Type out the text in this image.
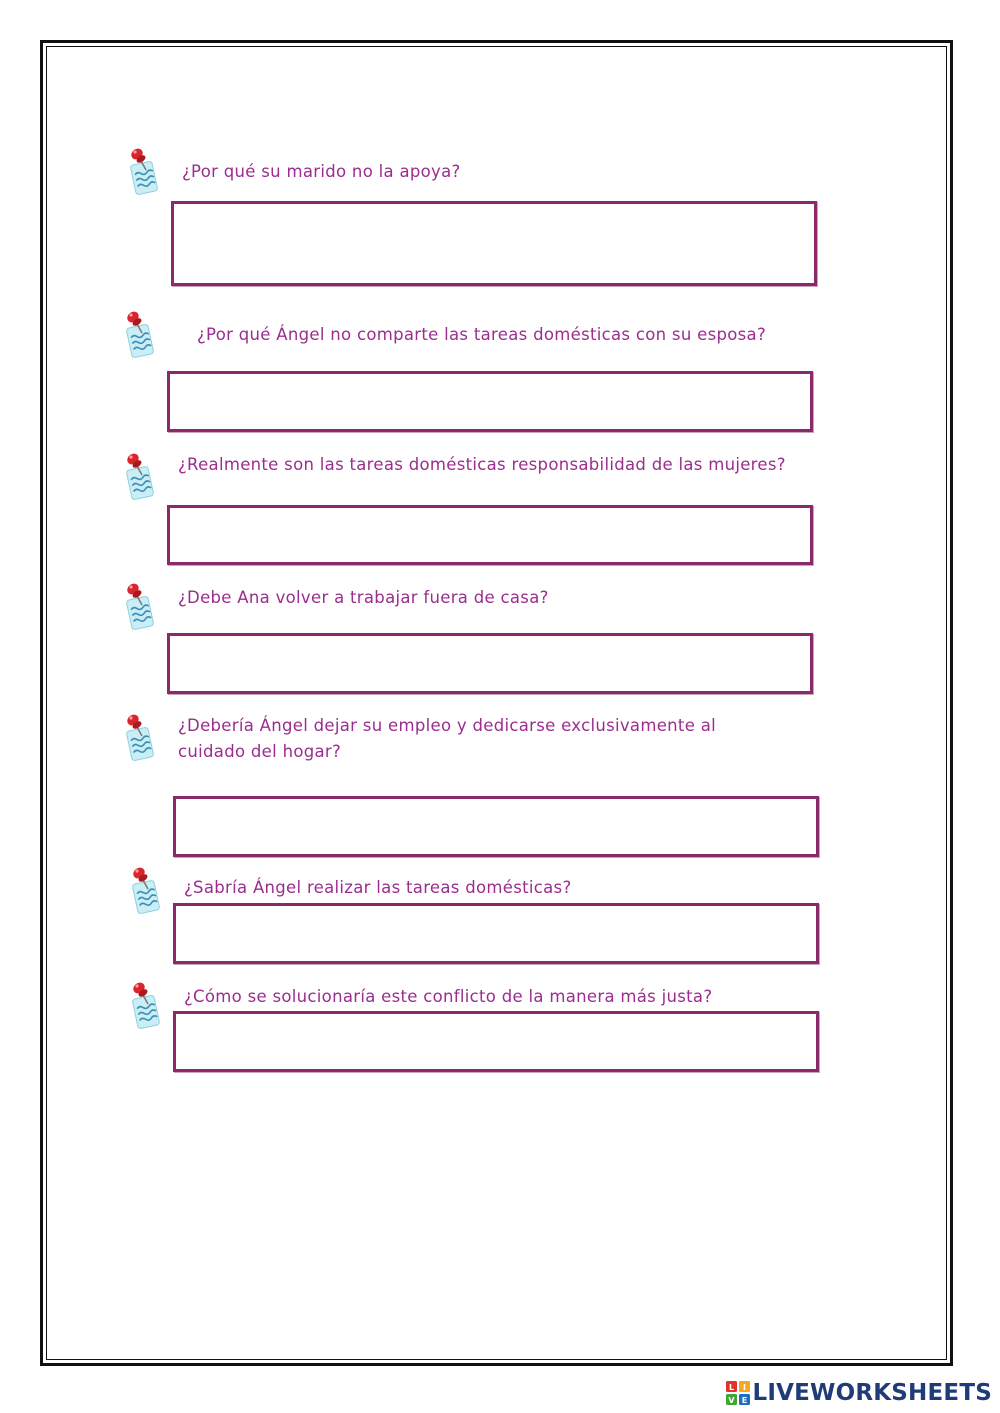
¿Por qué su marido no la apoya?

¿Por qué Ángel no comparte las tareas domésticas con su esposa?

¿Realmente son las tareas domésticas responsabilidad de las mujeres?

¿Debe Ana volver a trabajar fuera de casa?

¿Debería Ángel dejar su empleo y dedicarse exclusivamente al cuidado del hogar?

¿Sabría Ángel realizar las tareas domésticas?

¿Cómo se solucionaría este conflicto de la manera más justa?

L I
V E LIVEWORKSHEETS
